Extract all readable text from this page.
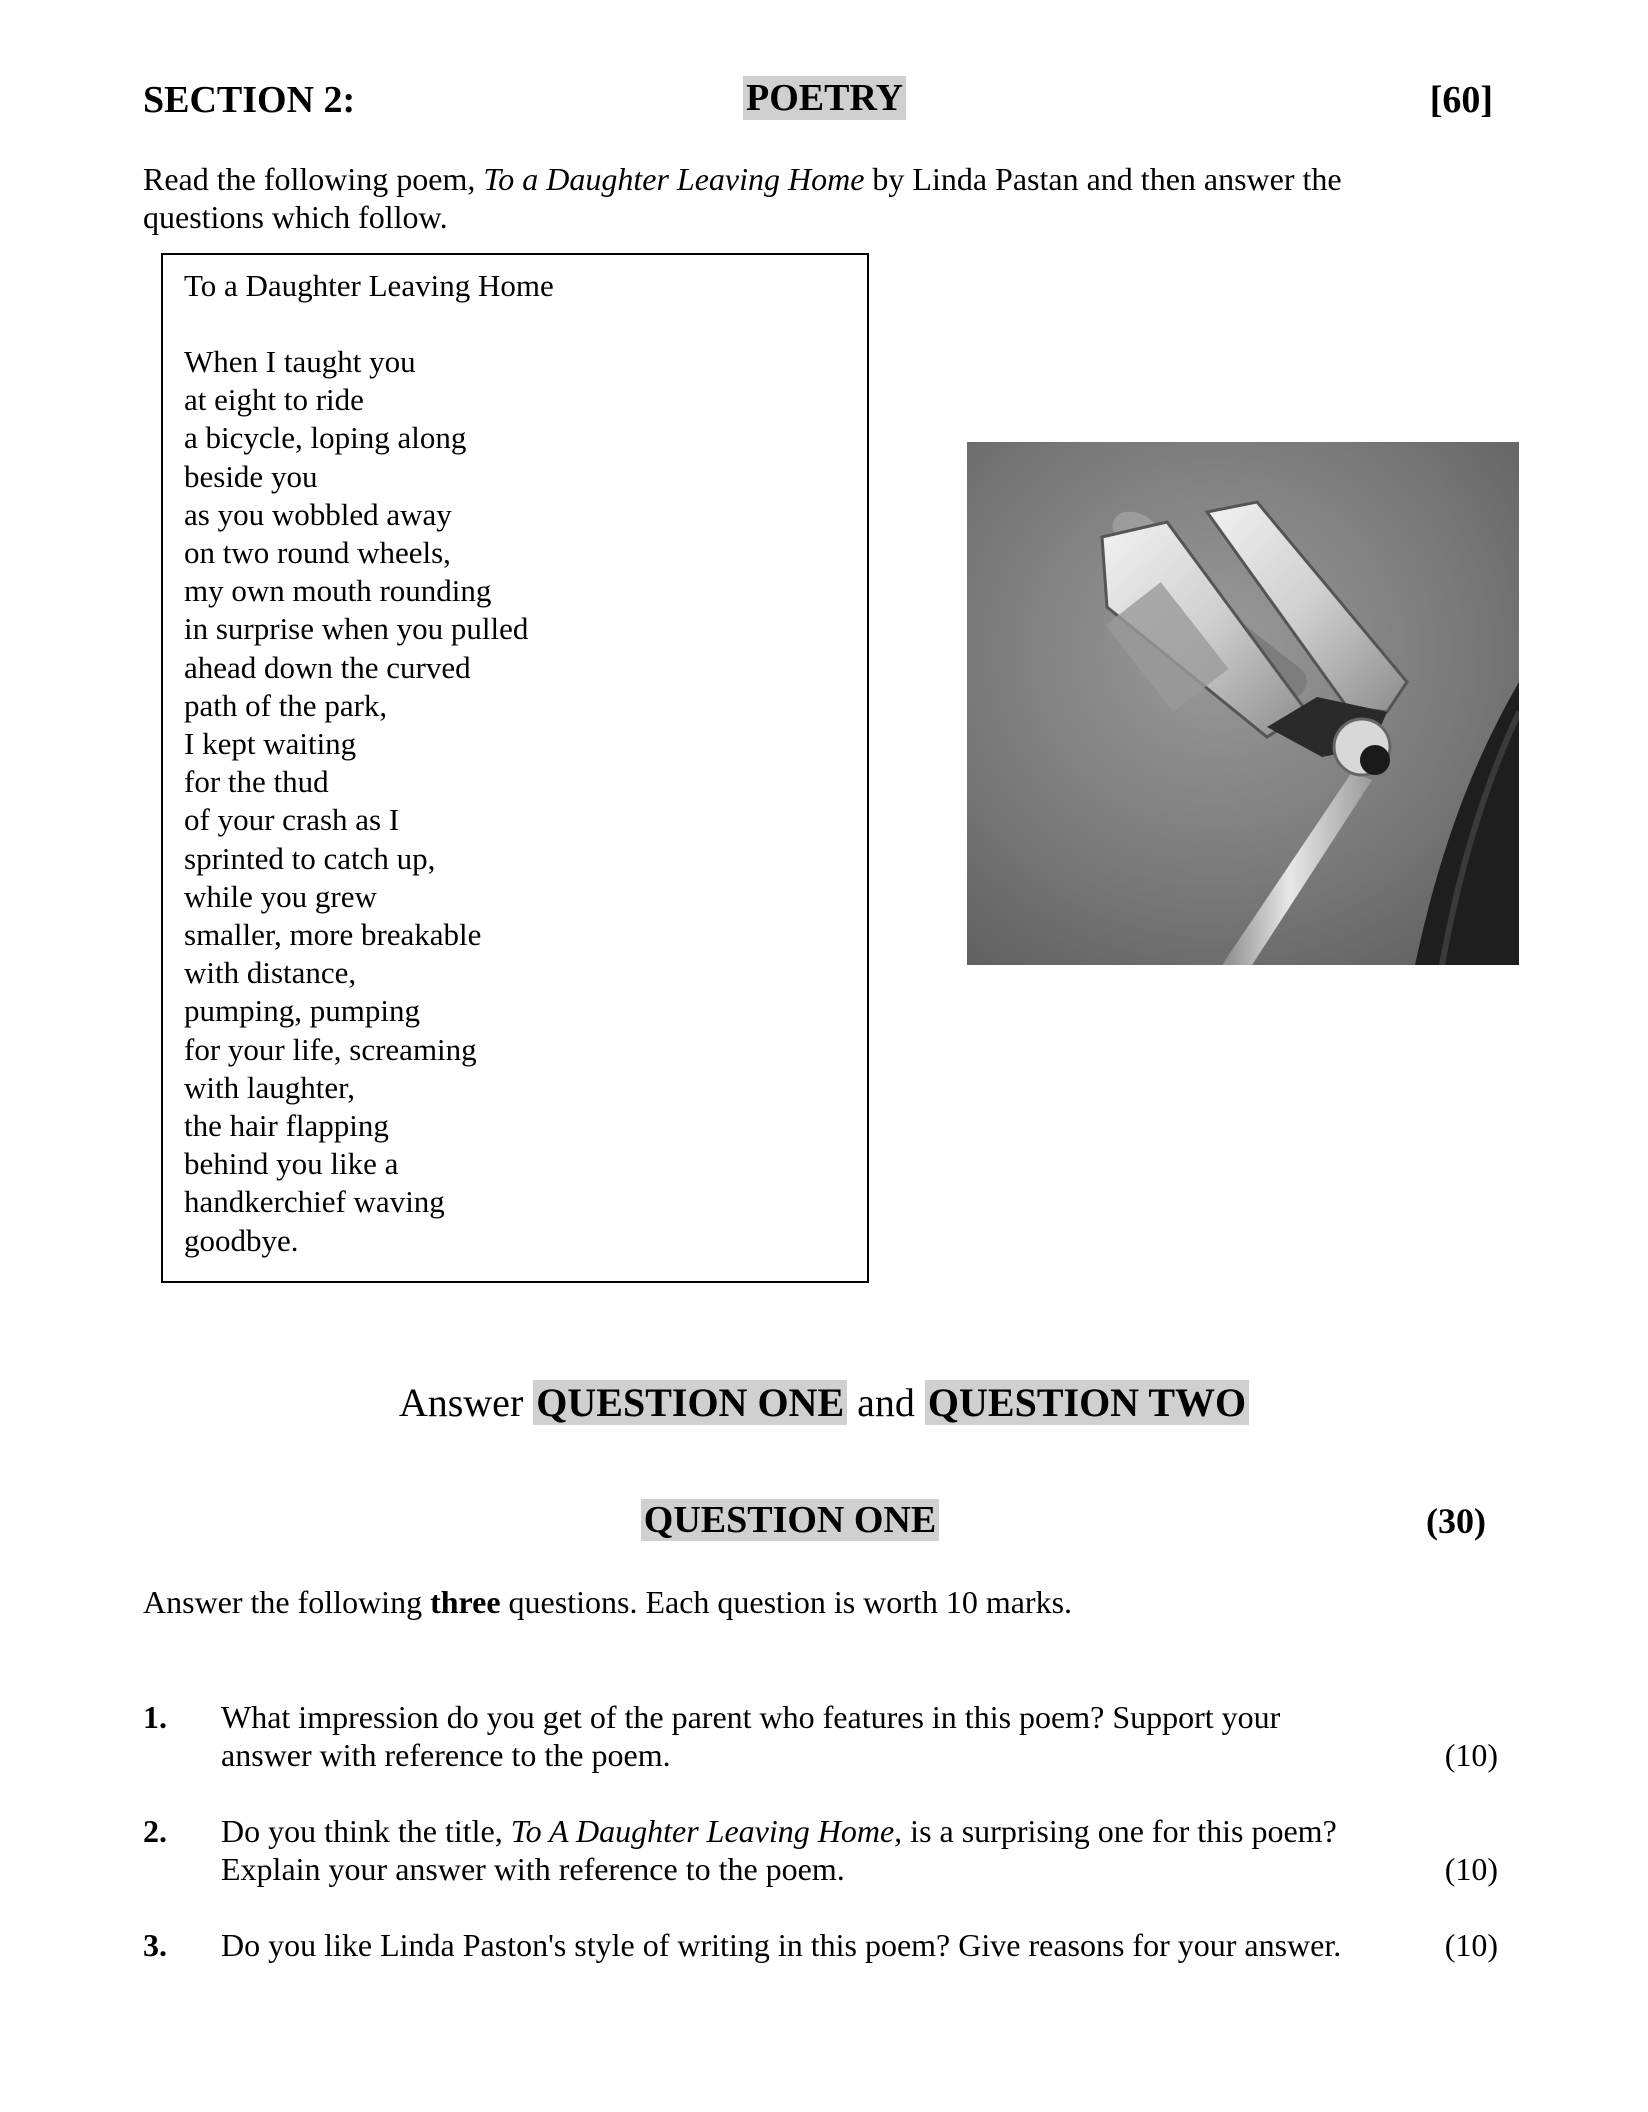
SECTION 2:	POETRY	[60]
Read the following poem, To a Daughter Leaving Home by Linda Pastan and then answer the questions which follow.
To a Daughter Leaving Home
When I taught you
at eight to ride
a bicycle, loping along
beside you
as you wobbled away
on two round wheels,
my own mouth rounding
in surprise when you pulled
ahead down the curved
path of the park,
I kept waiting
for the thud
of your crash as I
sprinted to catch up,
while you grew
smaller, more breakable
with distance,
pumping, pumping
for your life, screaming
with laughter,
the hair flapping
behind you like a
handkerchief waving
goodbye.
Answer QUESTION ONE and QUESTION TWO
QUESTION ONE	(30)
Answer the following three questions. Each question is worth 10 marks.
1. What impression do you get of the parent who features in this poem? Support your
answer with reference to the poem.	(10)
2. Do you think the title, To A Daughter Leaving Home, is a surprising one for this poem?
Explain your answer with reference to the poem.	(10)
3. Do you like Linda Paston's style of writing in this poem? Give reasons for your answer.	(10)
